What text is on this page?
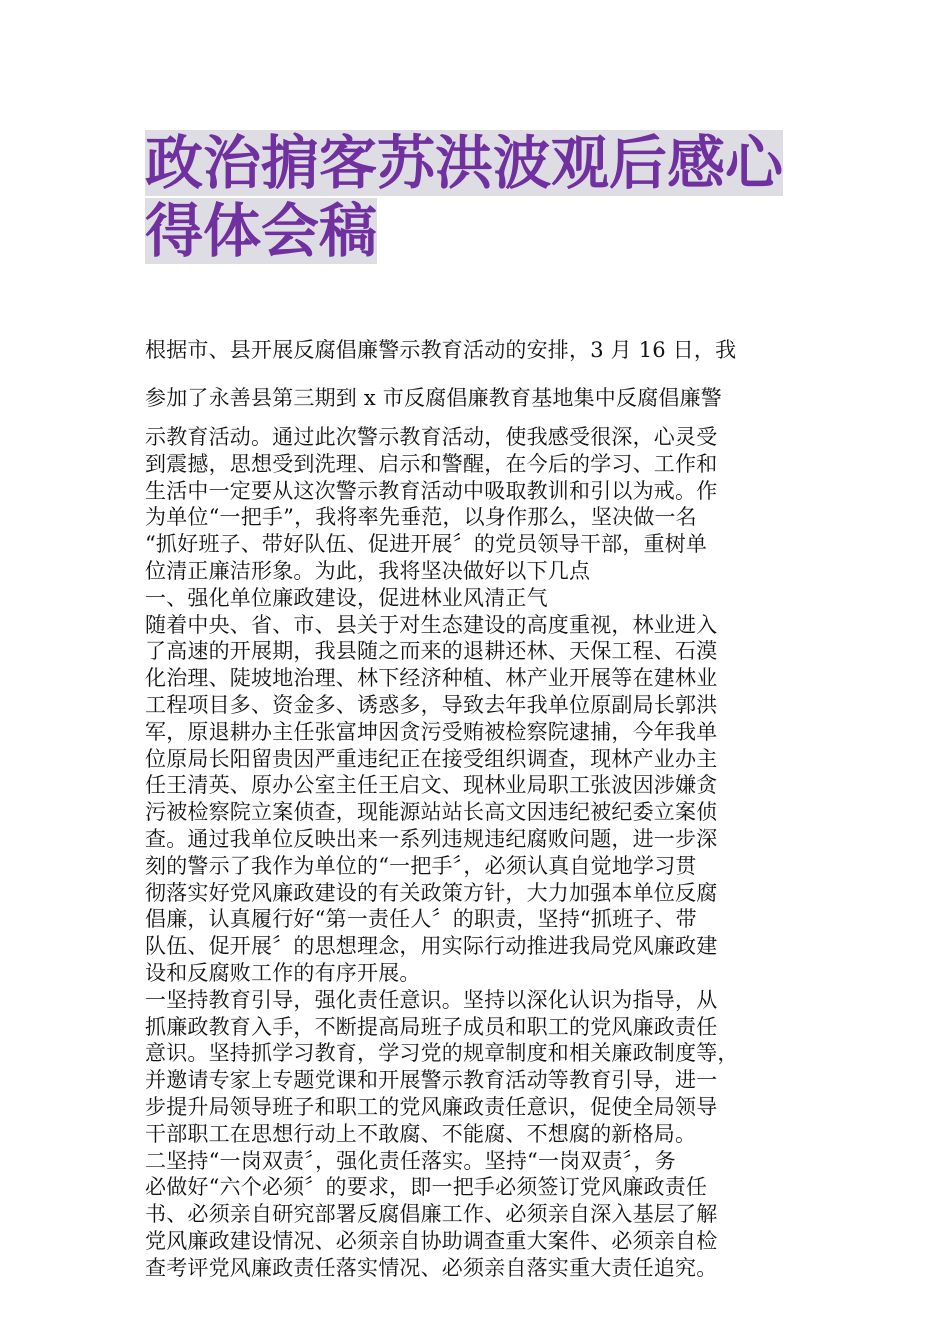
政治掮客苏洪波观后感心
得体会稿
根据市、县开展反腐倡廉警示教育活动的安排，3 月 16 日，我
参加了永善县第三期到 x 市反腐倡廉教育基地集中反腐倡廉警
示教育活动。通过此次警示教育活动，使我感受很深，心灵受
到震撼，思想受到洗理、启示和警醒，在今后的学习、工作和
生活中一定要从这次警示教育活动中吸取教训和引以为戒。作
为单位“一把手”，我将率先垂范，以身作那么，坚决做一名
“抓好班子、带好队伍、促进开展〞的党员领导干部，重树单
位清正廉洁形象。为此，我将坚决做好以下几点
一、强化单位廉政建设，促进林业风清正气
随着中央、省、市、县关于对生态建设的高度重视，林业进入
了高速的开展期，我县随之而来的退耕还林、天保工程、石漠
化治理、陡坡地治理、林下经济种植、林产业开展等在建林业
工程项目多、资金多、诱惑多，导致去年我单位原副局长郭洪
军，原退耕办主任张富坤因贪污受贿被检察院逮捕，今年我单
位原局长阳留贵因严重违纪正在接受组织调查，现林产业办主
任王清英、原办公室主任王启文、现林业局职工张波因涉嫌贪
污被检察院立案侦查，现能源站站长高文因违纪被纪委立案侦
查。通过我单位反映出来一系列违规违纪腐败问题，进一步深
刻的警示了我作为单位的“一把手〞，必须认真自觉地学习贯
彻落实好党风廉政建设的有关政策方针，大力加强本单位反腐
倡廉，认真履行好“第一责任人〞的职责，坚持“抓班子、带
队伍、促开展〞的思想理念，用实际行动推进我局党风廉政建
设和反腐败工作的有序开展。
一坚持教育引导，强化责任意识。坚持以深化认识为指导，从
抓廉政教育入手，不断提高局班子成员和职工的党风廉政责任
意识。坚持抓学习教育，学习党的规章制度和相关廉政制度等，
并邀请专家上专题党课和开展警示教育活动等教育引导，进一
步提升局领导班子和职工的党风廉政责任意识，促使全局领导
干部职工在思想行动上不敢腐、不能腐、不想腐的新格局。
二坚持“一岗双责〞，强化责任落实。坚持“一岗双责〞，务
必做好“六个必须〞的要求，即一把手必须签订党风廉政责任
书、必须亲自研究部署反腐倡廉工作、必须亲自深入基层了解
党风廉政建设情况、必须亲自协助调查重大案件、必须亲自检
查考评党风廉政责任落实情况、必须亲自落实重大责任追究。
